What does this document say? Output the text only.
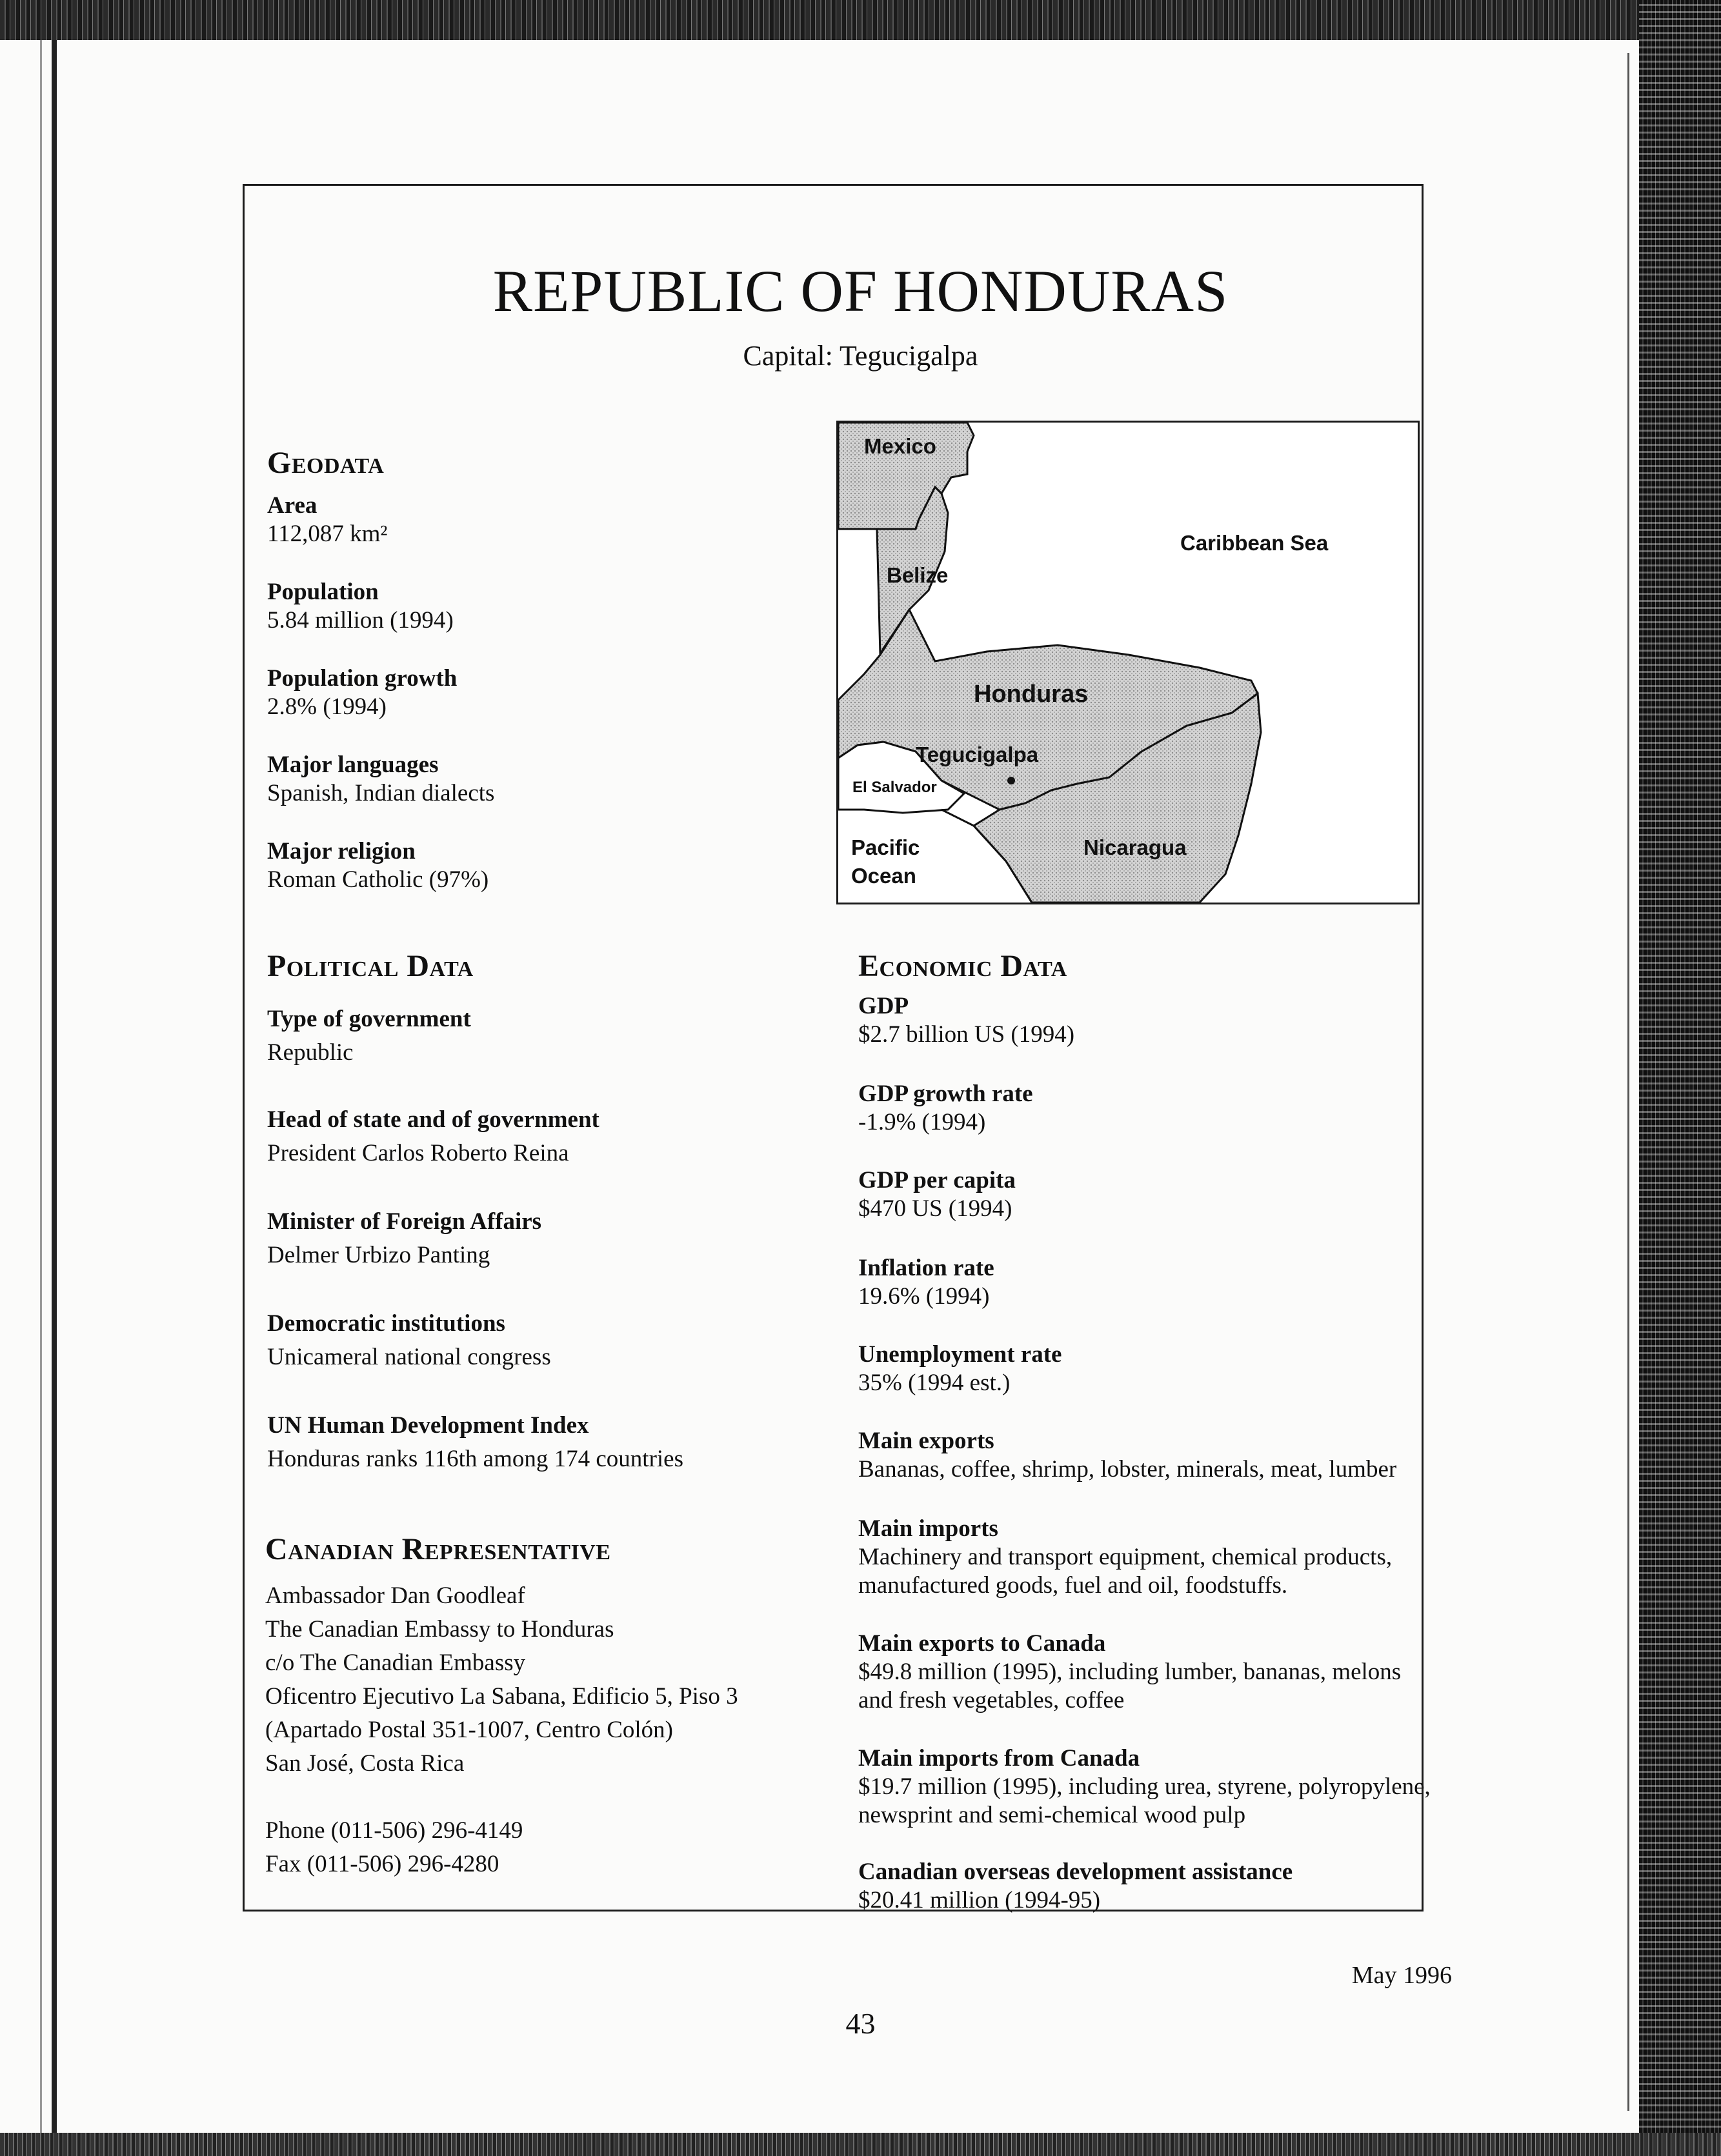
REPUBLIC OF HONDURAS
Capital: Tegucigalpa
Mexico
Belize
Caribbean Sea
Honduras
Tegucigalpa
El Salvador
Pacific
Ocean
Nicaragua
Geodata
Area
112,087 km²
Population
5.84 million (1994)
Population growth
2.8% (1994)
Major languages
Spanish, Indian dialects
Major religion
Roman Catholic (97%)
Political Data
Type of government
Republic
Head of state and of government
President Carlos Roberto Reina
Minister of Foreign Affairs
Delmer Urbizo Panting
Democratic institutions
Unicameral national congress
UN Human Development Index
Honduras ranks 116th among 174 countries
Canadian Representative
Ambassador Dan Goodleaf
The Canadian Embassy to Honduras
c/o The Canadian Embassy
Oficentro Ejecutivo La Sabana, Edificio 5, Piso 3
(Apartado Postal 351-1007, Centro Colón)
San José, Costa Rica
Phone (011-506) 296-4149
Fax (011-506) 296-4280
Economic Data
GDP
$2.7 billion US (1994)
GDP growth rate
-1.9% (1994)
GDP per capita
$470 US (1994)
Inflation rate
19.6% (1994)
Unemployment rate
35% (1994 est.)
Main exports
Bananas, coffee, shrimp, lobster, minerals, meat, lumber
Main imports
Machinery and transport equipment, chemical products,
manufactured goods, fuel and oil, foodstuffs.
Main exports to Canada
$49.8 million (1995), including lumber, bananas, melons
and fresh vegetables, coffee
Main imports from Canada
$19.7 million (1995), including urea, styrene, polyropylene,
newsprint and semi-chemical wood pulp
Canadian overseas development assistance
$20.41 million (1994-95)
May 1996
43
